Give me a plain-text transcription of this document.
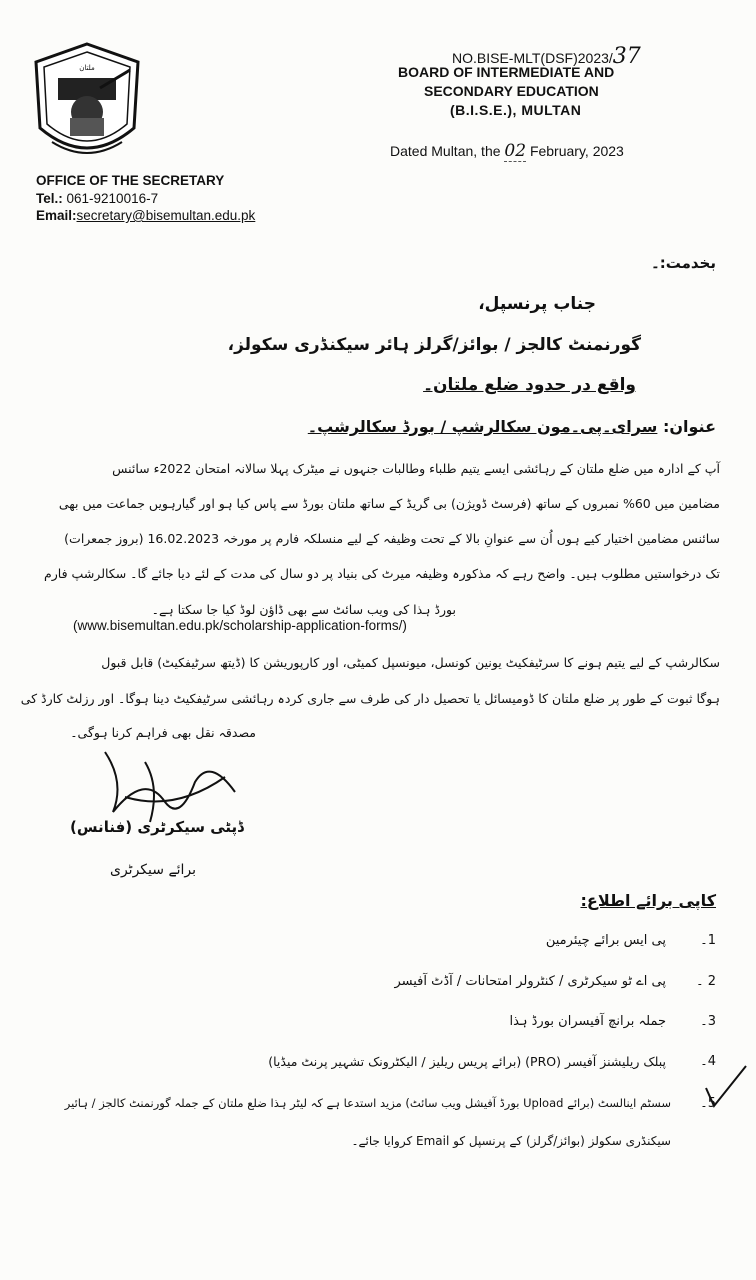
ملتان
NO.BISE-MLT(DSF)2023/37
BOARD OF INTERMEDIATE AND
SECONDARY EDUCATION
(B.I.S.E.), MULTAN
Dated Multan, the 02 February, 2023
OFFICE OF THE SECRETARY
Tel.: 061-9210016-7
Email:secretary@bisemultan.edu.pk
بخدمت:۔
جناب پرنسپل،
گورنمنٹ کالجز / بوائز/گرلز ہائر سیکنڈری سکولز،
واقع در حدود ضلع ملتان۔
عنوان: سرای۔پی۔مون سکالرشپ / بورڈ سکالرشپ۔
آپ کے ادارہ میں ضلع ملتان کے رہائشی ایسے یتیم طلباء وطالبات جنہوں نے میٹرک پہلا سالانہ امتحان 2022ء سائنس
مضامین میں 60% نمبروں کے ساتھ (فرسٹ ڈویژن) بی گریڈ کے ساتھ ملتان بورڈ سے پاس کیا ہو اور گیارہویں جماعت میں بھی
سائنس مضامین اختیار کیے ہوں اُن سے عنوانِ بالا کے تحت وظیفہ کے لیے منسلکہ فارم پر مورخہ 16.02.2023 (بروز جمعرات)
تک درخواستیں مطلوب ہیں۔ واضح رہے کہ مذکورہ وظیفہ میرٹ کی بنیاد پر دو سال کی مدت کے لئے دیا جائے گا۔ سکالرشپ فارم
بورڈ ہذا کی ویب سائٹ سے بھی ڈاؤن لوڈ کیا جا سکتا ہے۔
(www.bisemultan.edu.pk/scholarship-application-forms/)
سکالرشپ کے لیے یتیم ہونے کا سرٹیفکیٹ یونین کونسل، میونسپل کمیٹی، اور کارپوریشن کا (ڈیتھ سرٹیفکیٹ) قابل قبول
ہوگا ثبوت کے طور پر ضلع ملتان کا ڈومیسائل یا تحصیل دار کی طرف سے جاری کردہ رہائشی سرٹیفکیٹ دینا ہوگا۔ اور رزلٹ کارڈ کی
مصدقہ نقل بھی فراہم کرنا ہوگی۔
ڈپٹی سیکرٹری (فنانس)
برائے سیکرٹری
کاپی برائے اطلاع:
1۔
پی ایس برائے چیئرمین
2 ۔
پی اے ٹو سیکرٹری / کنٹرولر امتحانات / آڈٹ آفیسر
3۔
جملہ برانچ آفیسران بورڈ ہذا
4۔
پبلک ریلیشنز آفیسر (PRO) (برائے پریس ریلیز / الیکٹرونک تشہیر پرنٹ میڈیا)
5۔
سسٹم اینالسٹ (برائے Upload بورڈ آفیشل ویب سائٹ) مزید استدعا ہے کہ لیٹر ہذا ضلع ملتان کے جملہ گورنمنٹ کالجز / ہائیر
سیکنڈری سکولز (بوائز/گرلز) کے پرنسپل کو Email کروایا جائے۔
